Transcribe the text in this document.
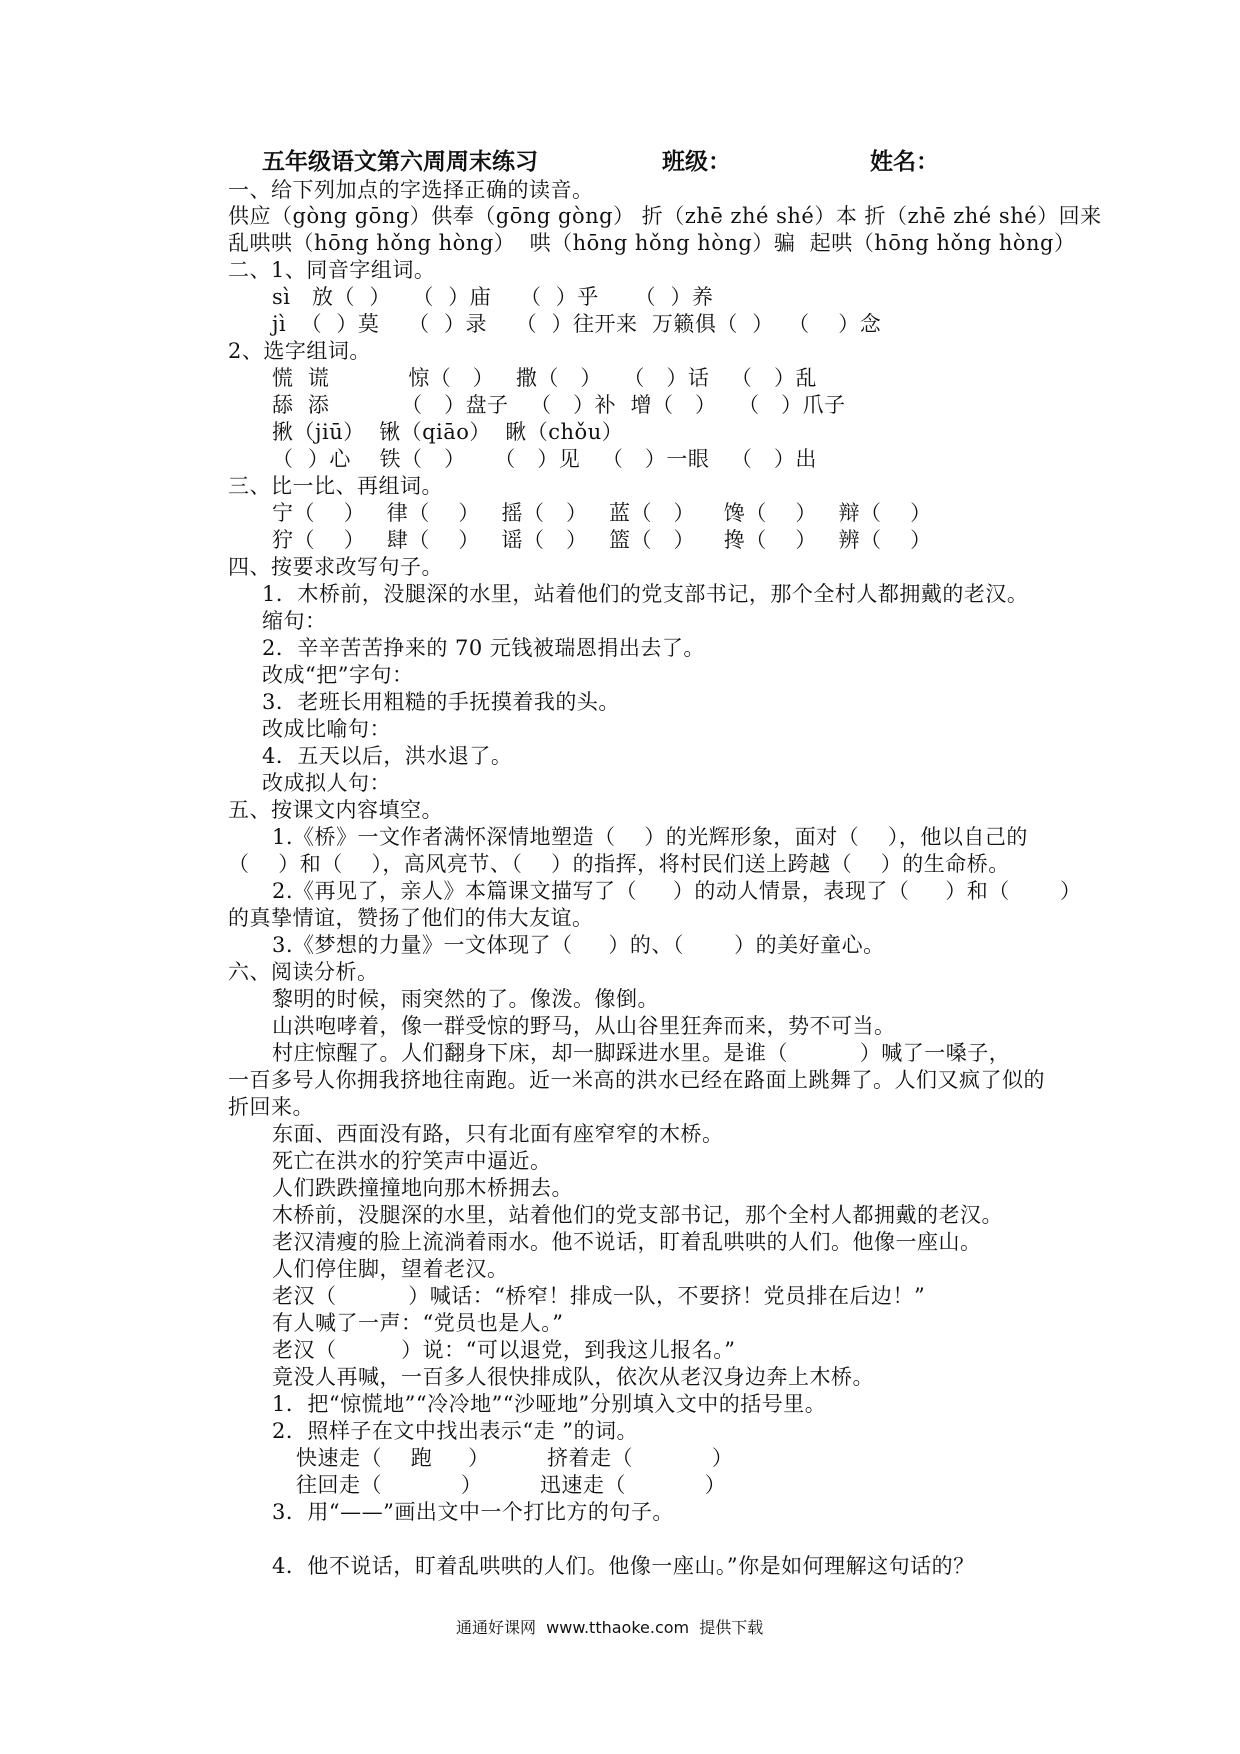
五年级语文第六周周末练习	班级：	姓名：
一、给下列加点的字选择正确的读音。
供应（gòng gōng）供奉（gōng gòng） 折（zhē zhé shé）本 折（zhē zhé shé）回来
乱哄哄（hōng hǒng hòng）  哄（hōng hǒng hòng）骗  起哄（hōng hǒng hòng）
二、1、同音字组词。
sì   放（  ）   （  ）庙    （  ）乎     （  ）养
jì  （  ）莫    （  ）录    （  ）往开来  万籁俱（  ）  （    ）念
2、选字组词。
慌  谎           惊（   ）   撒（   ）   （   ）话   （   ）乱
舔  添          （   ）盘子   （   ）补  增（   ）   （   ）爪子
揪（jiū）  锹（qiāo）  瞅（chǒu）
（  ）心    铁（   ）    （   ）见   （   ）一眼   （   ）出
三、比一比、再组词。
宁（    ）   律（    ）   摇（   ）   蓝（   ）    馋（    ）   辩（    ）
狞（    ）   肆（    ）   谣（   ）   篮（   ）    搀（    ）   辨（    ）
四、按要求改写句子。
1．木桥前，没腿深的水里，站着他们的党支部书记，那个全村人都拥戴的老汉。
缩句：
2．辛辛苦苦挣来的 70 元钱被瑞恩捐出去了。
改成“把”字句：
3．老班长用粗糙的手抚摸着我的头。
改成比喻句：
4．五天以后，洪水退了。
改成拟人句：
五、按课文内容填空。
1.《桥》一文作者满怀深情地塑造（    ）的光辉形象，面对（    ），他以自己的
（    ）和（    ），高风亮节、（    ）的指挥，将村民们送上跨越（    ）的生命桥。
2.《再见了，亲人》本篇课文描写了（     ）的动人情景，表现了（     ）和（       ）
的真挚情谊，赞扬了他们的伟大友谊。
3.《梦想的力量》一文体现了（     ）的、（       ）的美好童心。
六、阅读分析。
黎明的时候，雨突然的了。像泼。像倒。
山洪咆哮着，像一群受惊的野马，从山谷里狂奔而来，势不可当。
村庄惊醒了。人们翻身下床，却一脚踩进水里。是谁（          ）喊了一嗓子，
一百多号人你拥我挤地往南跑。近一米高的洪水已经在路面上跳舞了。人们又疯了似的
折回来。
东面、西面没有路，只有北面有座窄窄的木桥。
死亡在洪水的狞笑声中逼近。
人们跌跌撞撞地向那木桥拥去。
木桥前，没腿深的水里，站着他们的党支部书记，那个全村人都拥戴的老汉。
老汉清瘦的脸上流淌着雨水。他不说话，盯着乱哄哄的人们。他像一座山。
人们停住脚，望着老汉。
老汉（          ）喊话：“桥窄！排成一队，不要挤！党员排在后边！”
有人喊了一声：“党员也是人。”
老汉（         ）说：“可以退党，到我这儿报名。”
竟没人再喊，一百多人很快排成队，依次从老汉身边奔上木桥。
1．把“惊慌地”“冷冷地”“沙哑地”分别填入文中的括号里。
2．照样子在文中找出表示“走 ”的词。
快速走（    跑     ）        挤着走（           ）
往回走（           ）        迅速走（           ）
3．用“——”画出文中一个打比方的句子。
4．他不说话，盯着乱哄哄的人们。他像一座山。”你是如何理解这句话的？
通通好课网  www.tthaoke.com  提供下载
